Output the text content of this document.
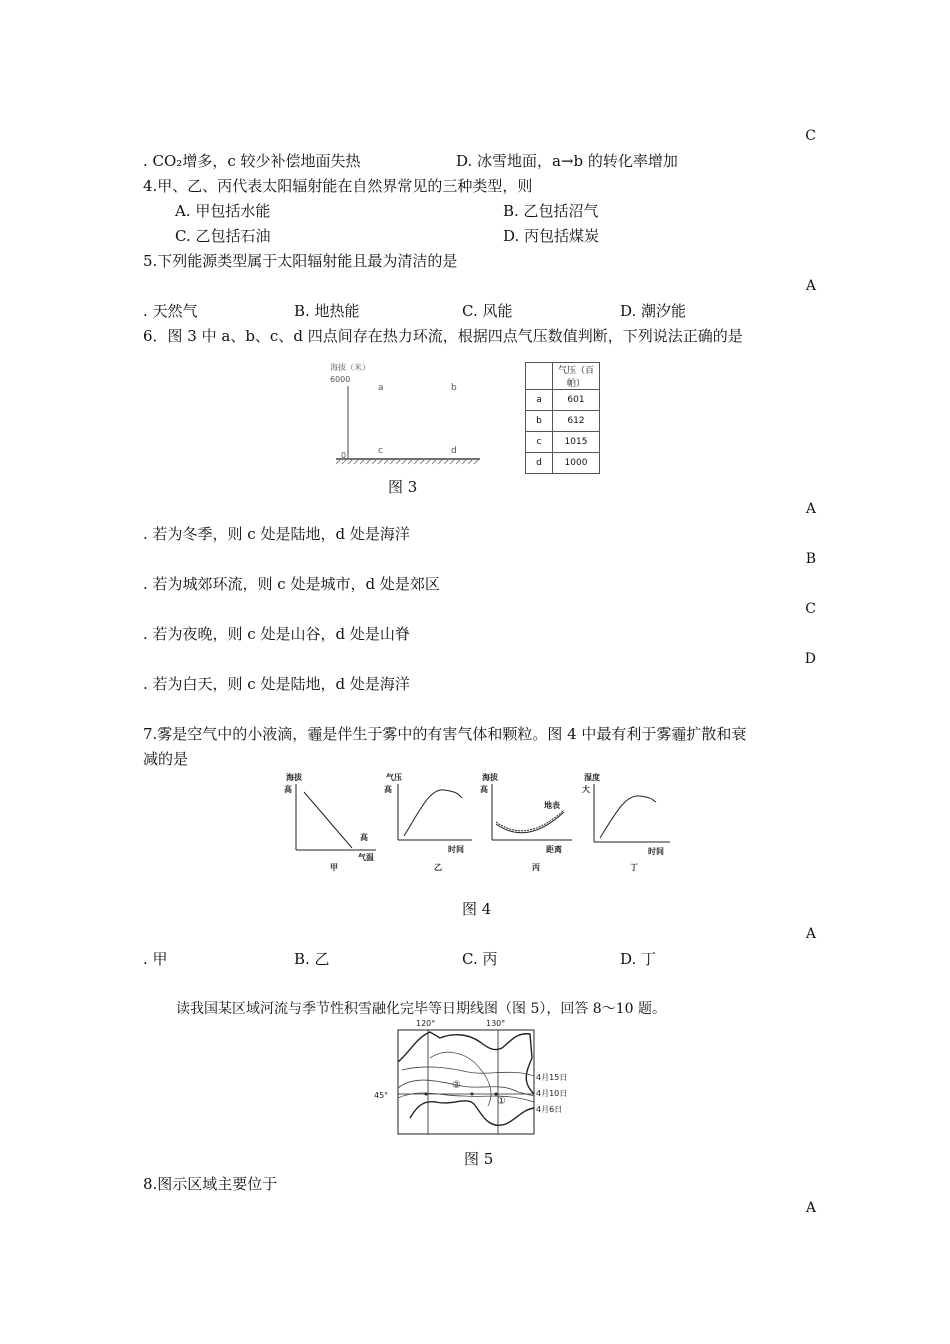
C
. CO₂增多，c 较少补偿地面失热	D. 冰雪地面，a→b 的转化率增加
4.甲、乙、丙代表太阳辐射能在自然界常见的三种类型，则
A. 甲包括水能	B. 乙包括沼气
C. 乙包括石油	D. 丙包括煤炭
5.下列能源类型属于太阳辐射能且最为清洁的是
A
. 天然气	B. 地热能	C. 风能	D. 潮汐能
6．图 3 中 a、b、c、d 四点间存在热力环流，根据四点气压数值判断，下列说法正确的是
海拔（米）
6000
0
a	b
c	d
	气压（百帕）
a	601
b	612
c	1015
d	1000
图 3
A
. 若为冬季，则 c 处是陆地，d 处是海洋
B
. 若为城郊环流，则 c 处是城市，d 处是郊区
C
. 若为夜晚，则 c 处是山谷，d 处是山脊
D
. 若为白天，则 c 处是陆地，d 处是海洋
7.雾是空气中的小液滴，霾是伴生于雾中的有害气体和颗粒。图 4 中最有利于雾霾扩散和衰
减的是
海拔
高
高
气温
甲
气压
高
时间
乙
海拔
高
地表
距离
丙
湿度
大
时间
丁
图 4
A
. 甲	B. 乙	C. 丙	D. 丁
读我国某区域河流与季节性积雪融化完毕等日期线图（图 5），回答 8～10 题。
120°	130°
45°
②
①
4月15日
4月10日
4月6日
图 5
8.图示区域主要位于
A
